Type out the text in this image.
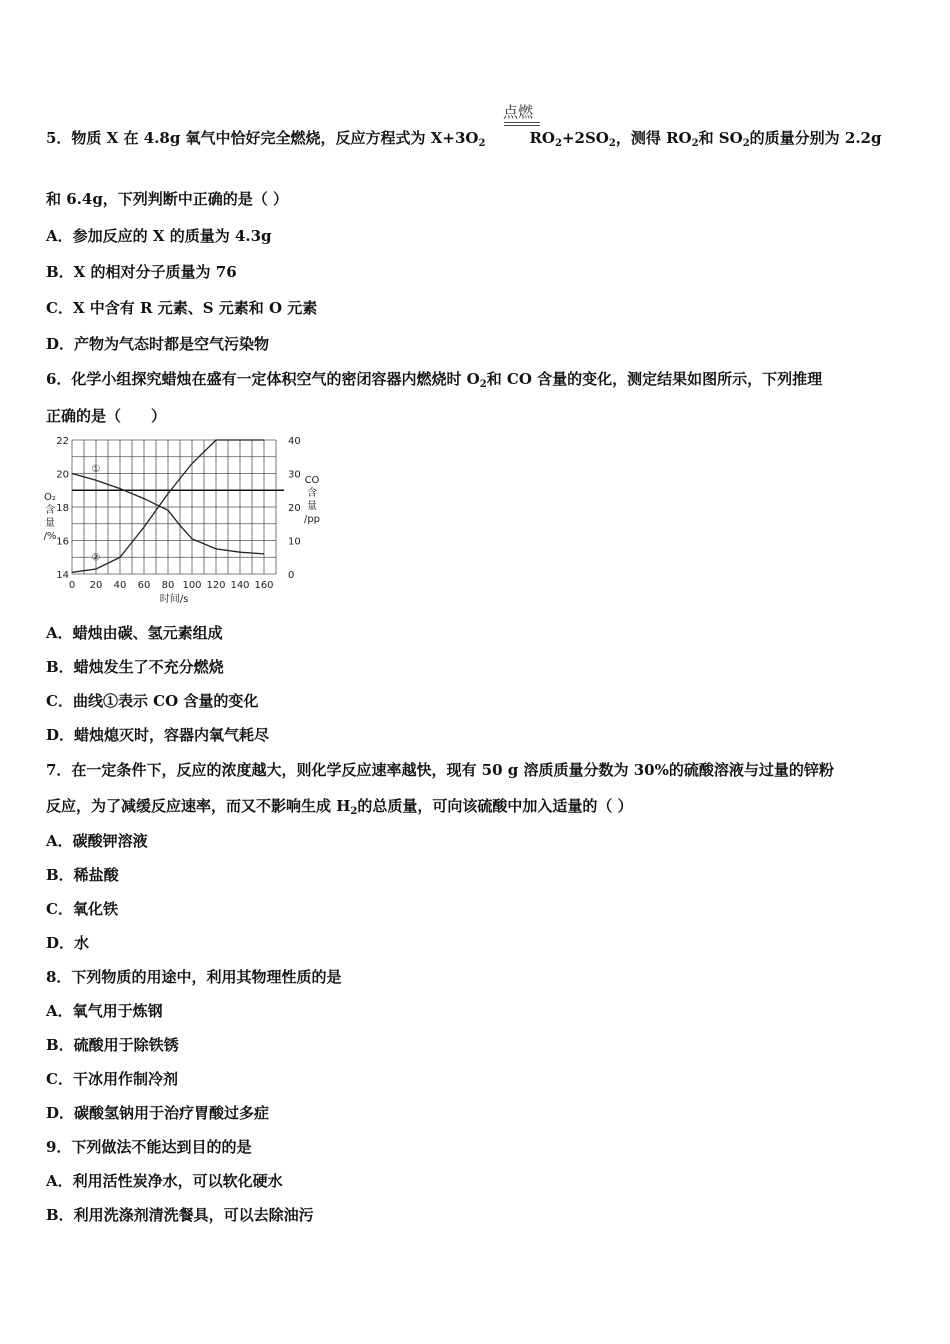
点燃
5．物质 X 在 4.8g 氧气中恰好完全燃烧，反应方程式为 $X+3O_2$	$RO_2+2SO_2$，测得 $RO_2$和 $SO_2$的质量分别为 2.2g
和 6.4g，下列判断中正确的是（ ）
A．参加反应的 X 的质量为 4.3g
B．X 的相对分子质量为 76
C．X 中含有 R 元素、S 元素和 O 元素
D．产物为气态时都是空气污染物
6．化学小组探究蜡烛在盛有一定体积空气的密闭容器内燃烧时 $O_2$和 CO 含量的变化，测定结果如图所示，下列推理
正确的是（　　）
0 20 40 60 80 100 120 140 160
14
16
18
20
22
0
10
20
30
40
时间/s
O₂
含
量
/%
CO
含
量
/pp
①
②
A．蜡烛由碳、氢元素组成
B．蜡烛发生了不充分燃烧
C．曲线①表示 CO 含量的变化
D．蜡烛熄灭时，容器内氧气耗尽
7．在一定条件下，反应的浓度越大，则化学反应速率越快，现有 50 g 溶质质量分数为 30%的硫酸溶液与过量的锌粉
反应，为了减缓反应速率，而又不影响生成 $H_2$的总质量，可向该硫酸中加入适量的（ ）
A．碳酸钾溶液
B．稀盐酸
C．氧化铁
D．水
8．下列物质的用途中，利用其物理性质的是
A．氧气用于炼钢
B．硫酸用于除铁锈
C．干冰用作制冷剂
D．碳酸氢钠用于治疗胃酸过多症
9．下列做法不能达到目的的是
A．利用活性炭净水，可以软化硬水
B．利用洗涤剂清洗餐具，可以去除油污
